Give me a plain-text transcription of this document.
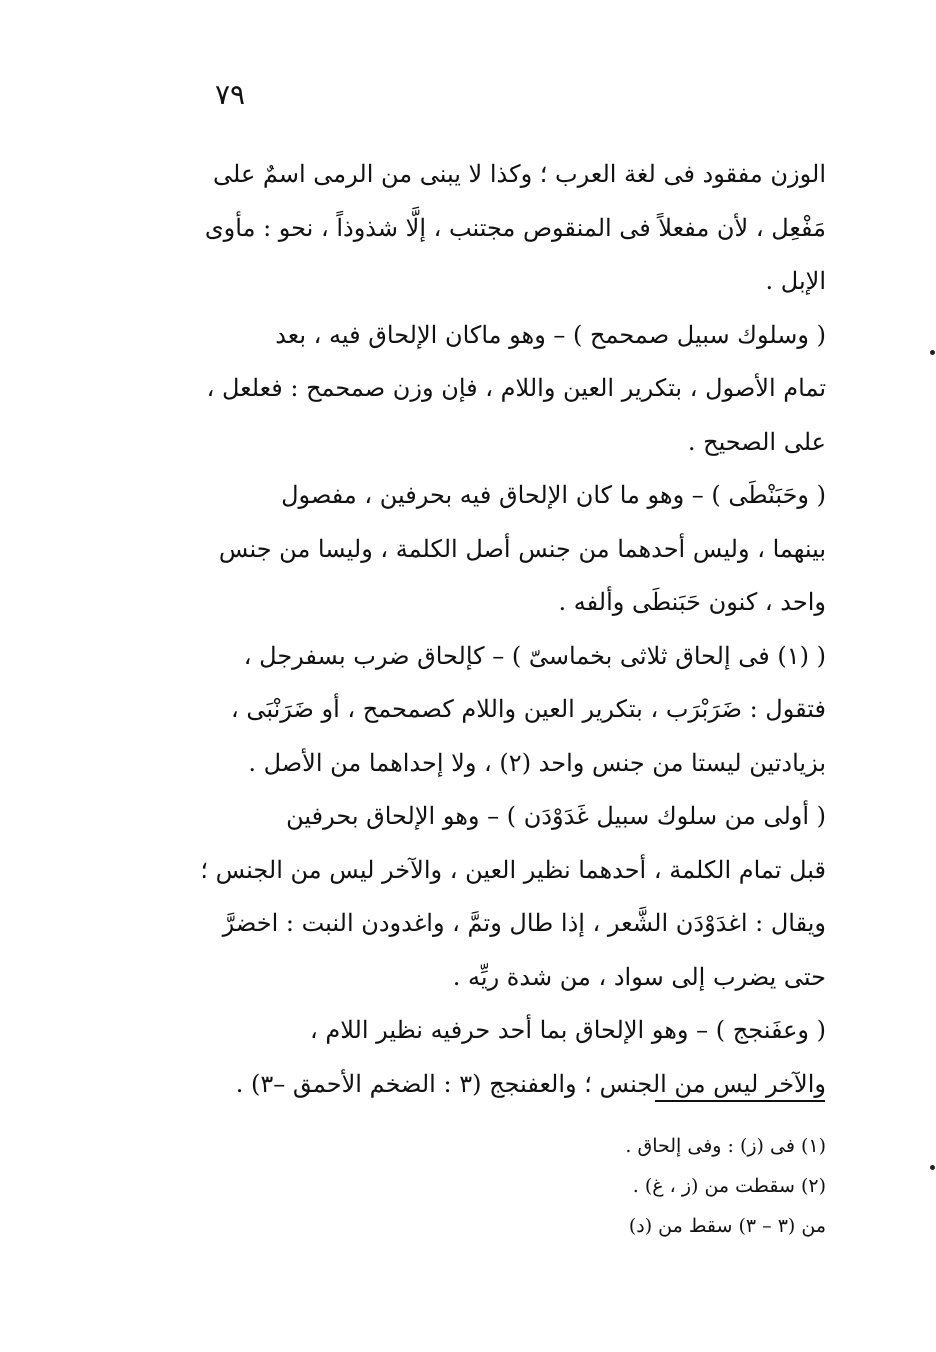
٧٩
الوزن مفقود فى لغة العرب ؛ وكذا لا يبنى من الرمى اسمٌ على
مَفْعِل ، لأن مفعلاً فى المنقوص مجتنب ، إلَّا شذوذاً ، نحو : مأوى
الإبل .
( وسلوك سبيل صمحمح ) – وهو ماكان الإلحاق فيه ، بعد
تمام الأصول ، بتكرير العين واللام ، فإن وزن صمحمح : فعلعل ،
على الصحيح .
( وحَبَنْطَى ) – وهو ما كان الإلحاق فيه بحرفين ، مفصول
بينهما ، وليس أحدهما من جنس أصل الكلمة ، وليسا من جنس
واحد ، كنون حَبَنطَى وألفه .
( (١) فى إلحاق ثلاثى بخماسىّ ) – كإلحاق ضرب بسفرجل ،
فتقول : ضَرَبْرَب ، بتكرير العين واللام كصمحمح ، أو ضَرَنْبَى ،
بزيادتين ليستا من جنس واحد (٢) ، ولا إحداهما من الأصل .
( أولى من سلوك سبيل غَدَوْدَن ) – وهو الإلحاق بحرفين
قبل تمام الكلمة ، أحدهما نظير العين ، والآخر ليس من الجنس ؛
ويقال : اغدَوْدَن الشَّعر ، إذا طال وتمَّ ، واغدودن النبت : اخضرَّ
حتى يضرب إلى سواد ، من شدة ريِّه .
( وعفَنجج ) – وهو الإلحاق بما أحد حرفيه نظير اللام ،
والآخر ليس من الجنس ؛ والعفنجج (٣ : الضخم الأحمق –٣) .
(١) فى (ز) : وفى إلحاق .
(٢) سقطت من (ز ، غ) .
من (٣ – ٣) سقط من (د)
